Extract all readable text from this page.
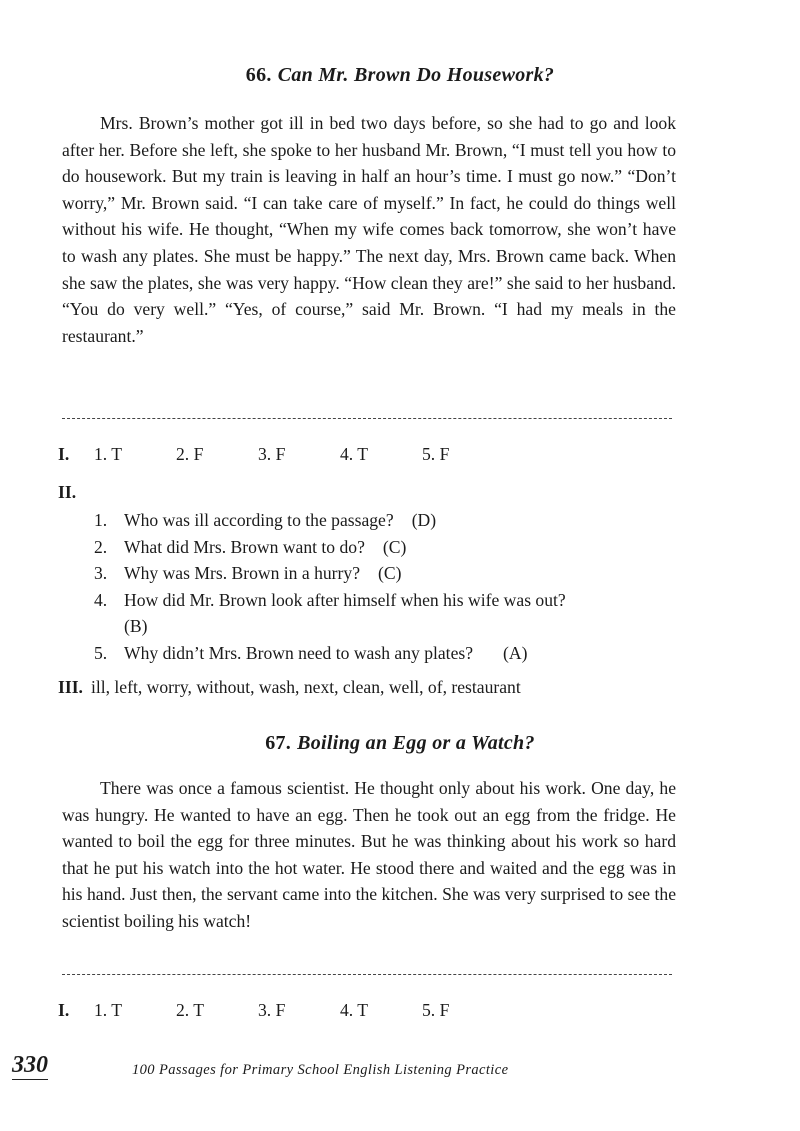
66. Can Mr. Brown Do Housework?

Mrs. Brown’s mother got ill in bed two days before, so she had to go and look after her. Before she left, she spoke to her husband Mr. Brown, “I must tell you how to do housework. But my train is leaving in half an hour’s time. I must go now.” “Don’t worry,” Mr. Brown said. “I can take care of myself.” In fact, he could do things well without his wife. He thought, “When my wife comes back tomorrow, she won’t have to wash any plates. She must be happy.” The next day, Mrs. Brown came back. When she saw the plates, she was very happy. “How clean they are!” she said to her husband. “You do very well.” “Yes, of course,” said Mr. Brown. “I had my meals in the restaurant.”

I. 1. T	2. F	3. F	4. T	5. F
II.
1. Who was ill according to the passage? (D)
2. What did Mrs. Brown want to do? (C)
3. Why was Mrs. Brown in a hurry? (C)
4. How did Mr. Brown look after himself when his wife was out?
(B)
5. Why didn’t Mrs. Brown need to wash any plates? (A)
III. ill, left, worry, without, wash, next, clean, well, of, restaurant
67. Boiling an Egg or a Watch?

There was once a famous scientist. He thought only about his work. One day, he was hungry. He wanted to have an egg. Then he took out an egg from the fridge. He wanted to boil the egg for three minutes. But he was thinking about his work so hard that he put his watch into the hot water. He stood there and waited and the egg was in his hand. Just then, the servant came into the kitchen. She was very surprised to see the scientist boiling his watch!

I. 1. T	2. T	3. F	4. T	5. F
330	100 Passages for Primary School English Listening Practice
